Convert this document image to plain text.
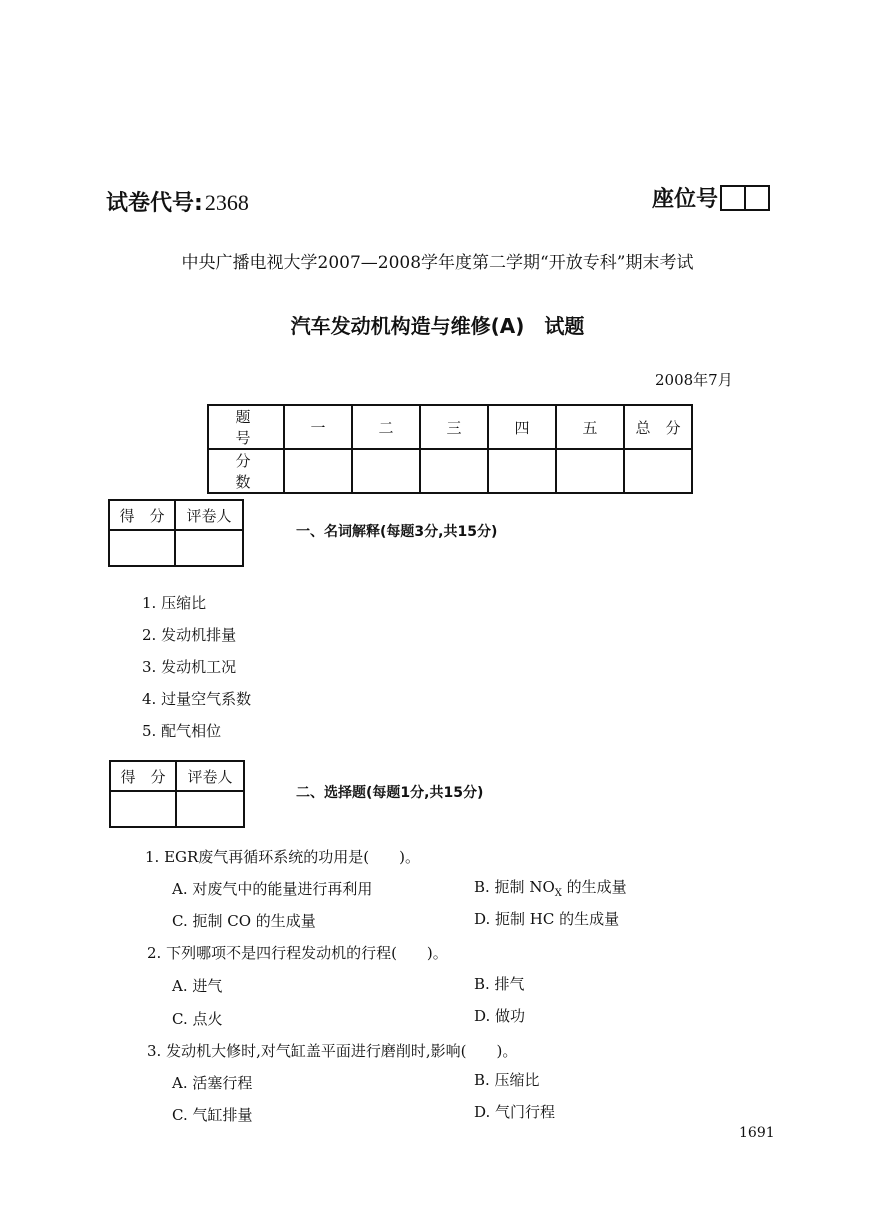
试卷代号:2368	座位号
中央广播电视大学2007—2008学年度第二学期“开放专科”期末考试
汽车发动机构造与维修(A)　试题
2008年7月
题　号	一	二	三	四	五	总　分
分　数						
得　分	评卷人

一、名词解释(每题3分,共15分)
1. 压缩比
2. 发动机排量
3. 发动机工况
4. 过量空气系数
5. 配气相位
得　分	评卷人

二、选择题(每题1分,共15分)
1. EGR废气再循环系统的功用是(　　)。
A. 对废气中的能量进行再利用	B. 扼制 $NO_X$ 的生成量
C. 扼制 CO 的生成量	D. 扼制 HC 的生成量
2. 下列哪项不是四行程发动机的行程(　　)。
A. 进气	B. 排气
C. 点火	D. 做功
3. 发动机大修时,对气缸盖平面进行磨削时,影响(　　)。
A. 活塞行程	B. 压缩比
C. 气缸排量	D. 气门行程
1691
